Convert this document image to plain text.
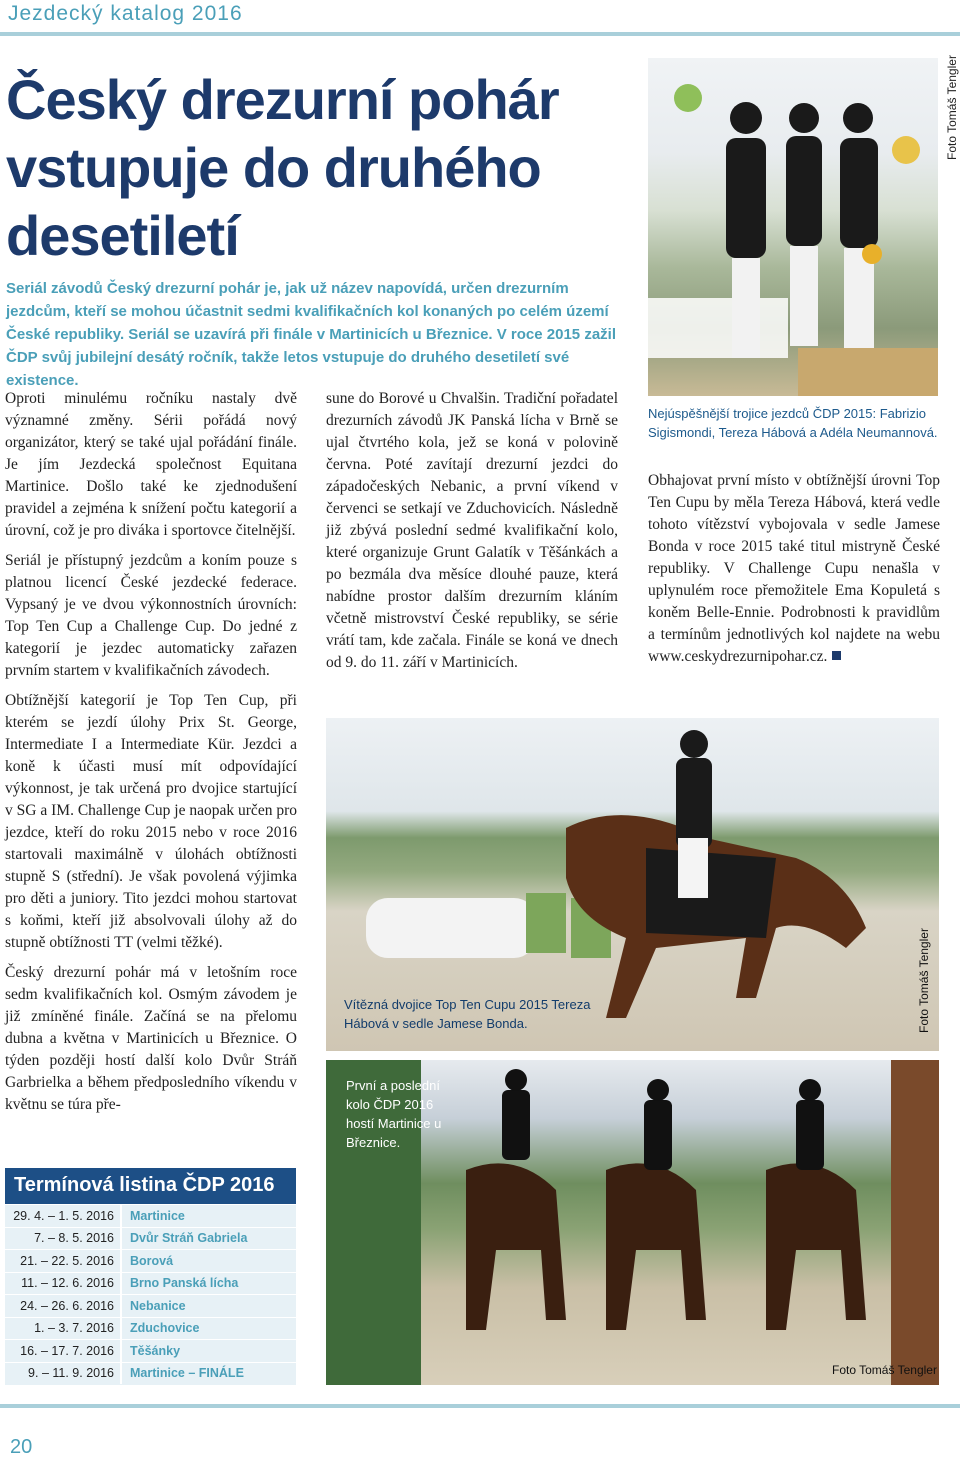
Jezdecký katalog 2016
Český drezurní pohár vstupuje do druhého desetiletí
Seriál závodů Český drezurní pohár je, jak už název napovídá, určen drezurním jezdcům, kteří se mohou účastnit sedmi kvalifikačních kol konaných po celém území České republiky. Seriál se uzavírá při finále v Martinicích u Březnice. V roce 2015 zažil ČDP svůj jubilejní desátý ročník, takže letos vstupuje do druhého desetiletí své existence.
Foto Tomáš Tengler
Nejúspěšnější trojice jezdců ČDP 2015: Fabrizio Sigismondi, Tereza Hábová a Adéla Neumannová.

Oproti minulému ročníku nastaly dvě významné změny. Sérii pořádá nový organizátor, který se také ujal pořádání finále. Je jím Jezdecká společnost Equitana Martinice. Došlo také ke zjednodušení pravidel a zejména k snížení počtu kategorií a úrovní, což je pro diváka i sportovce čitelnější.

Seriál je přístupný jezdcům a koním pouze s platnou licencí České jezdecké federace. Vypsaný je ve dvou výkonnostních úrovních: Top Ten Cup a Challenge Cup. Do jedné z kategorií je jezdec automaticky zařazen prvním startem v kvalifikačních závodech.

Obtížnější kategorií je Top Ten Cup, při kterém se jezdí úlohy Prix St. George, Intermediate I a Intermediate Kür. Jezdci a koně k účasti musí mít odpovídající výkonnost, je tak určená pro dvojice startující v SG a IM. Challenge Cup je naopak určen pro jezdce, kteří do roku 2015 nebo v roce 2016 startovali maximálně v úlohách obtížnosti stupně S (střední). Je však povolená výjimka pro děti a juniory. Tito jezdci mohou startovat s koňmi, kteří již absolvovali úlohy až do stupně obtížnosti TT (velmi těžké).

Český drezurní pohár má v letošním roce sedm kvalifikačních kol. Osmým závodem je již zmíněné finále. Začíná se na přelomu dubna a května v Martinicích u Březnice. O týden později hostí další kolo Dvůr Stráň Garbrielka a během předposledního víkendu v květnu se túra pře-

sune do Borové u Chvalšin. Tradiční pořadatel drezurních závodů JK Panská lícha v Brně se ujal čtvrtého kola, jež se koná v polovině června. Poté zavítají drezurní jezdci do západočeských Nebanic, a první víkend v červenci se setkají ve Zduchovicích. Následně již zbývá poslední sedmé kvalifikační kolo, které organizuje Grunt Galatík v Těšánkách a po bezmála dva měsíce dlouhé pauze, která nabídne prostor dalším drezurním kláním včetně mistrovství České republiky, se série vrátí tam, kde začala. Finále se koná ve dnech od 9. do 11. září v Martinicích.

Obhajovat první místo v obtížnější úrovni Top Ten Cupu by měla Tereza Hábová, která vedle tohoto vítězství vybojovala v sedle Jamese Bonda v roce 2015 také titul mistryně České republiky. V Challenge Cupu nenašla v uplynulém roce přemožitele Ema Kopuletá s koněm Belle-Ennie. Podrobnosti k pravidlům a termínům jednotlivých kol najdete na webu www.ceskydrezurnipohar.cz.

Vítězná dvojice Top Ten Cupu 2015 Tereza Hábová v sedle Jamese Bonda.	Foto Tomáš Tengler
První a poslední kolo ČDP 2016 hostí Martinice u Březnice.
Foto Tomáš Tengler
Termínová listina ČDP 2016
29. 4. – 1. 5. 2016	Martinice
7. – 8. 5. 2016	Dvůr Stráň Gabriela
21. – 22. 5. 2016	Borová
11. – 12. 6. 2016	Brno Panská lícha
24. – 26. 6. 2016	Nebanice
1. – 3. 7. 2016	Zduchovice
16. – 17. 7. 2016	Těšánky
9. – 11. 9. 2016	Martinice – FINÁLE
20
